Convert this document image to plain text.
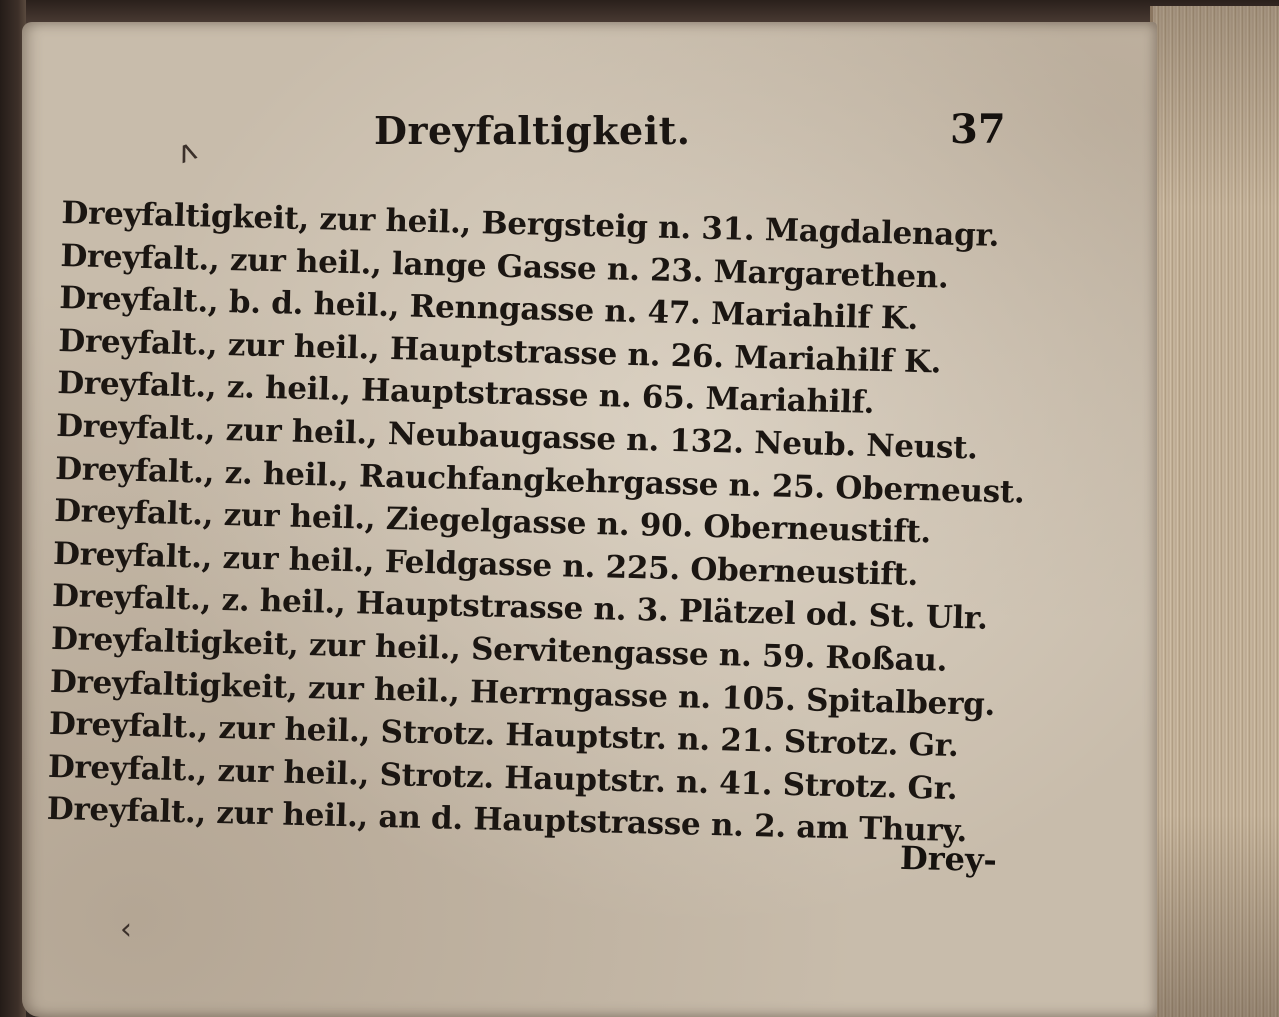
Dreyfaltigkeit.	37
ʌ
Dreyfaltigkeit, zur heil., Bergsteig n. 31. Magdalenagr.
Dreyfalt., zur heil., lange Gasse n. 23. Margarethen.
Dreyfalt., b. d. heil., Renngasse n. 47. Mariahilf K.
Dreyfalt., zur heil., Hauptstrasse n. 26. Mariahilf K.
Dreyfalt., z. heil., Hauptstrasse n. 65. Mariahilf.
Dreyfalt., zur heil., Neubaugasse n. 132. Neub. Neust.
Dreyfalt., z. heil., Rauchfangkehrgasse n. 25. Oberneust.
Dreyfalt., zur heil., Ziegelgasse n. 90. Oberneustift.
Dreyfalt., zur heil., Feldgasse n. 225. Oberneustift.
Dreyfalt., z. heil., Hauptstrasse n. 3. Plätzel od. St. Ulr.
Dreyfaltigkeit, zur heil., Servitengasse n. 59. Roßau.
Dreyfaltigkeit, zur heil., Herrngasse n. 105. Spitalberg.
Dreyfalt., zur heil., Strotz. Hauptstr. n. 21. Strotz. Gr.
Dreyfalt., zur heil., Strotz. Hauptstr. n. 41. Strotz. Gr.
Dreyfalt., zur heil., an d. Hauptstrasse n. 2. am Thury.
Drey-
‹
